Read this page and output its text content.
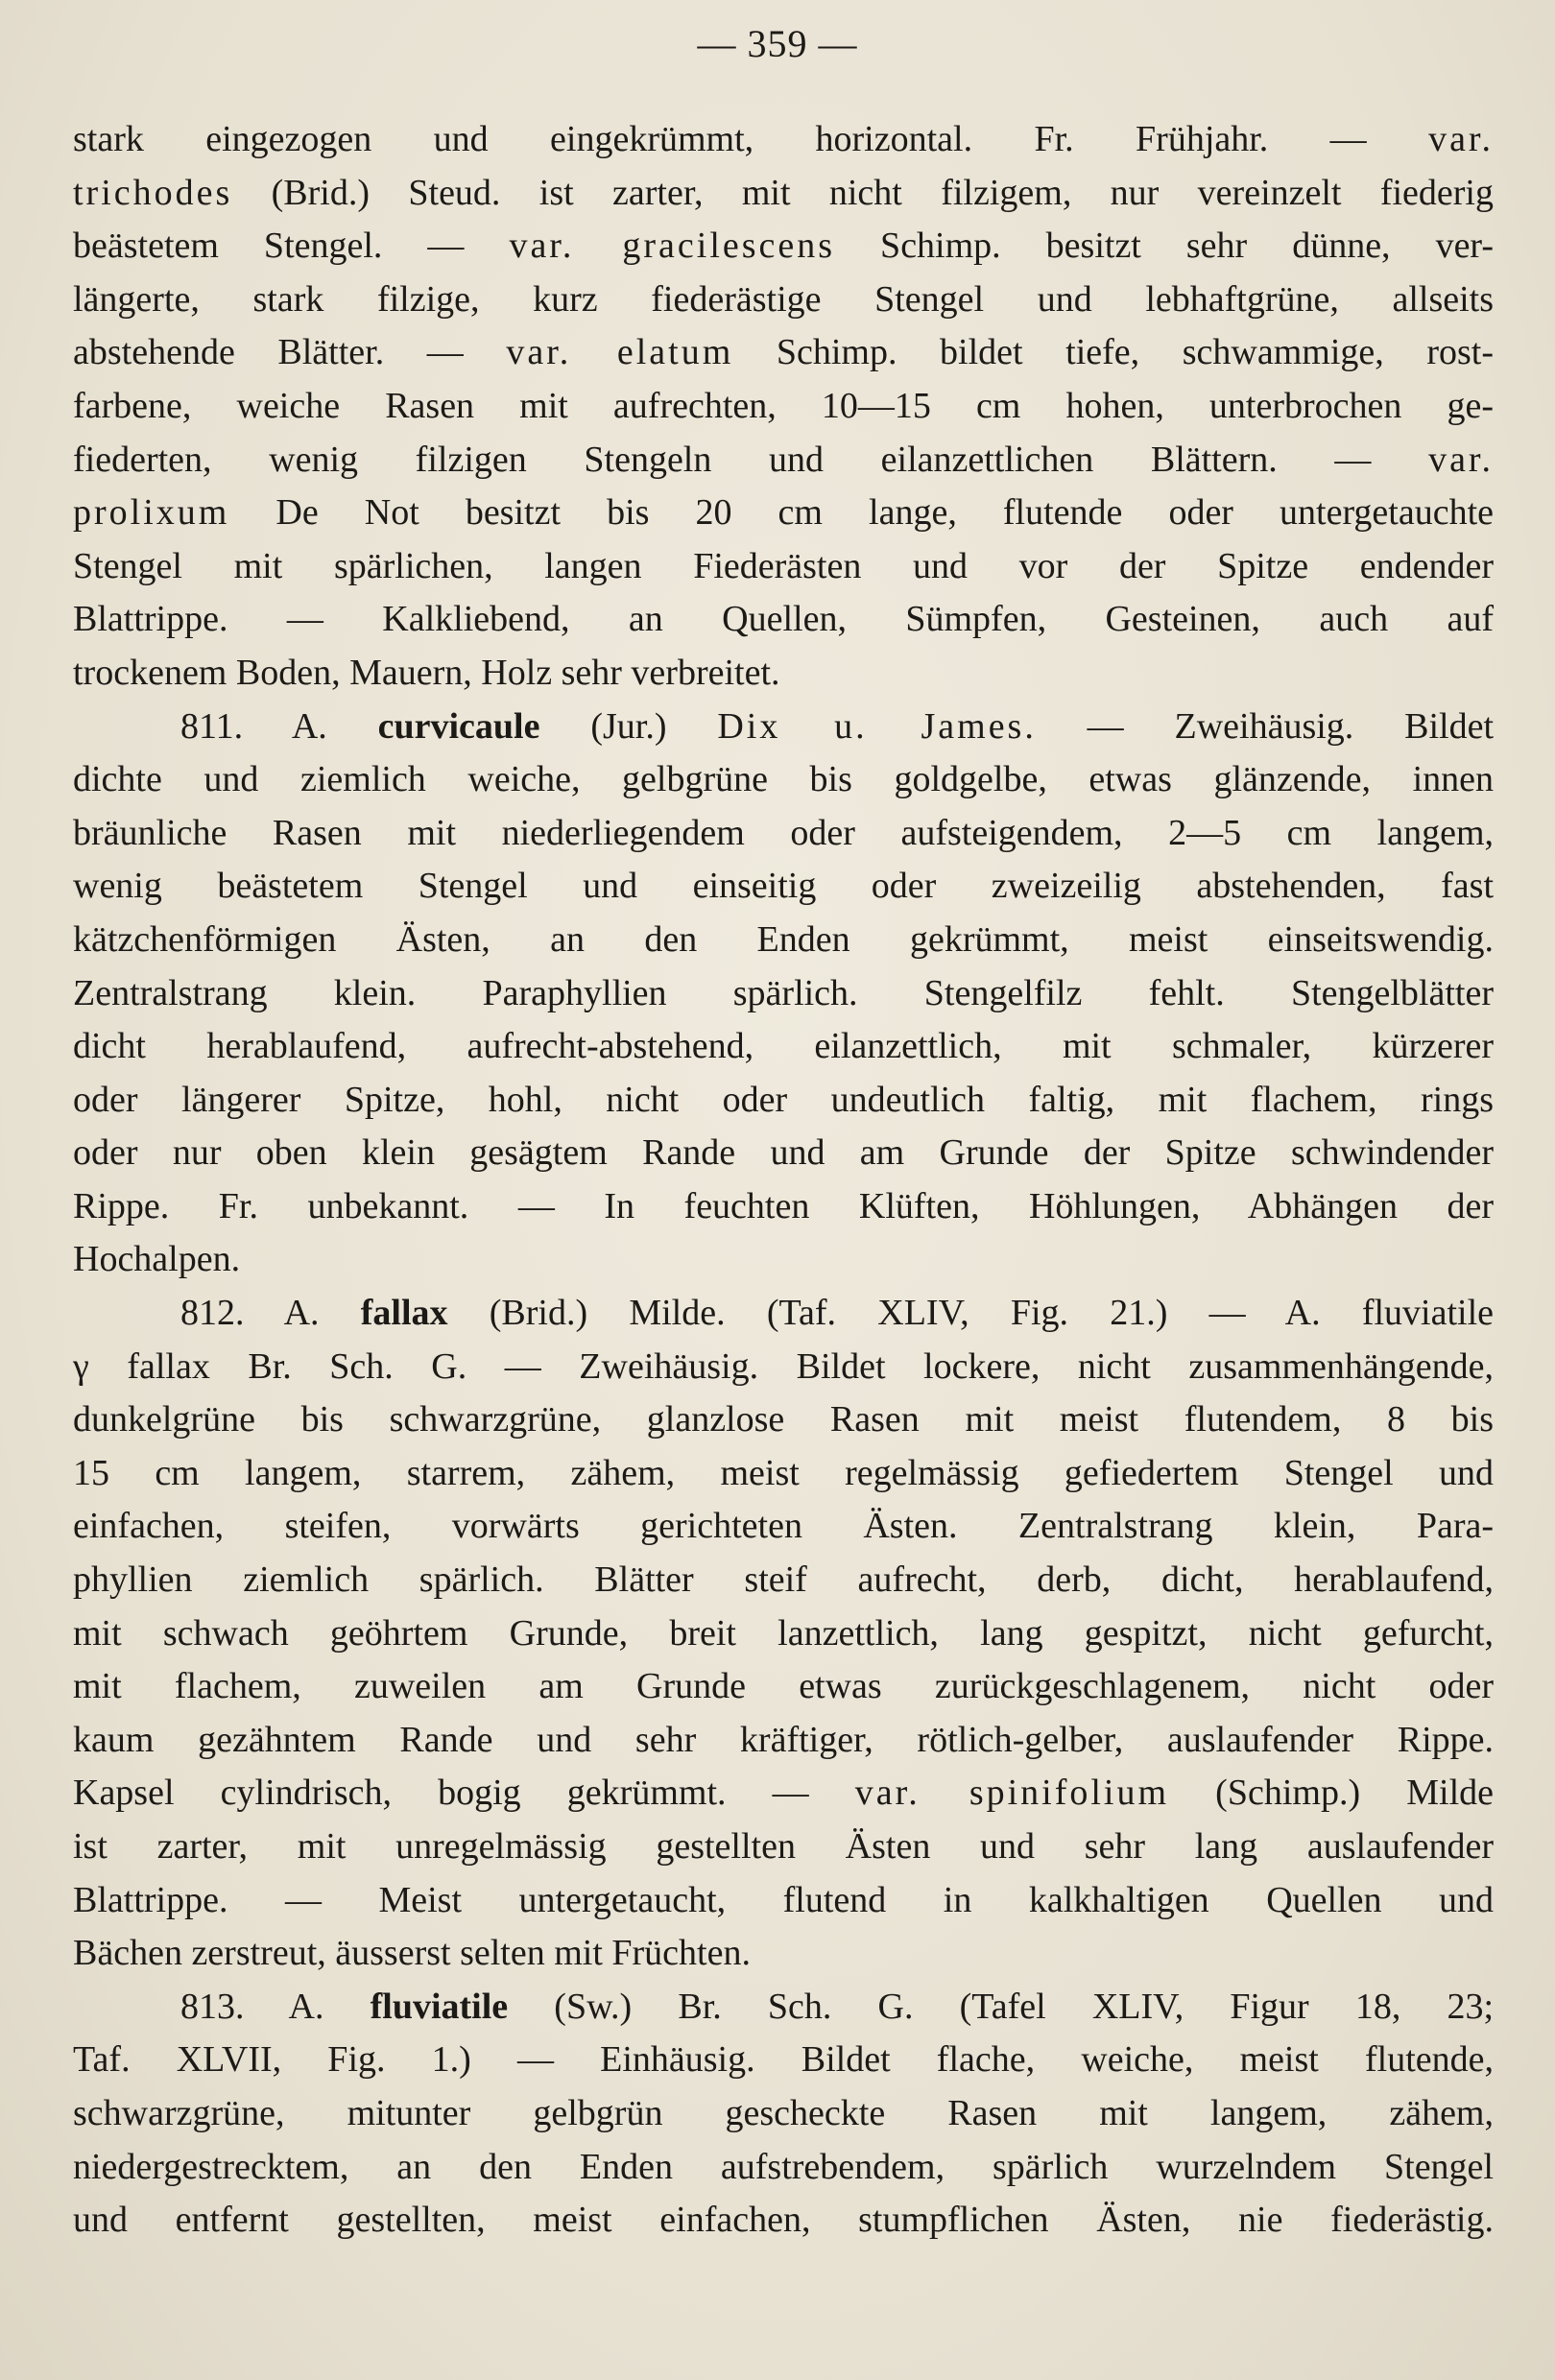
— 359 —
stark eingezogen und eingekrümmt, horizontal. Fr. Frühjahr. — var.
trichodes (Brid.) Steud. ist zarter, mit nicht filzigem, nur vereinzelt fiederig
beästetem Stengel. — var. gracilescens Schimp. besitzt sehr dünne, ver-
längerte, stark filzige, kurz fiederästige Stengel und lebhaftgrüne, allseits
abstehende Blätter. — var. elatum Schimp. bildet tiefe, schwammige, rost-
farbene, weiche Rasen mit aufrechten, 10—15 cm hohen, unterbrochen ge-
fiederten, wenig filzigen Stengeln und eilanzettlichen Blättern. — var.
prolixum De Not besitzt bis 20 cm lange, flutende oder untergetauchte
Stengel mit spärlichen, langen Fiederästen und vor der Spitze endender
Blattrippe. — Kalkliebend, an Quellen, Sümpfen, Gesteinen, auch auf
trockenem Boden, Mauern, Holz sehr verbreitet.
811. A. curvicaule (Jur.) Dix u. James. — Zweihäusig. Bildet
dichte und ziemlich weiche, gelbgrüne bis goldgelbe, etwas glänzende, innen
bräunliche Rasen mit niederliegendem oder aufsteigendem, 2—5 cm langem,
wenig beästetem Stengel und einseitig oder zweizeilig abstehenden, fast
kätzchenförmigen Ästen, an den Enden gekrümmt, meist einseitswendig.
Zentralstrang klein. Paraphyllien spärlich. Stengelfilz fehlt. Stengelblätter
dicht herablaufend, aufrecht-abstehend, eilanzettlich, mit schmaler, kürzerer
oder längerer Spitze, hohl, nicht oder undeutlich faltig, mit flachem, rings
oder nur oben klein gesägtem Rande und am Grunde der Spitze schwindender
Rippe. Fr. unbekannt. — In feuchten Klüften, Höhlungen, Abhängen der
Hochalpen.
812. A. fallax (Brid.) Milde. (Taf. XLIV, Fig. 21.) — A. fluviatile
γ fallax Br. Sch. G. — Zweihäusig. Bildet lockere, nicht zusammenhängende,
dunkelgrüne bis schwarzgrüne, glanzlose Rasen mit meist flutendem, 8 bis
15 cm langem, starrem, zähem, meist regelmässig gefiedertem Stengel und
einfachen, steifen, vorwärts gerichteten Ästen. Zentralstrang klein, Para-
phyllien ziemlich spärlich. Blätter steif aufrecht, derb, dicht, herablaufend,
mit schwach geöhrtem Grunde, breit lanzettlich, lang gespitzt, nicht gefurcht,
mit flachem, zuweilen am Grunde etwas zurückgeschlagenem, nicht oder
kaum gezähntem Rande und sehr kräftiger, rötlich-gelber, auslaufender Rippe.
Kapsel cylindrisch, bogig gekrümmt. — var. spinifolium (Schimp.) Milde
ist zarter, mit unregelmässig gestellten Ästen und sehr lang auslaufender
Blattrippe. — Meist untergetaucht, flutend in kalkhaltigen Quellen und
Bächen zerstreut, äusserst selten mit Früchten.
813. A. fluviatile (Sw.) Br. Sch. G. (Tafel XLIV, Figur 18, 23;
Taf. XLVII, Fig. 1.) — Einhäusig. Bildet flache, weiche, meist flutende,
schwarzgrüne, mitunter gelbgrün gescheckte Rasen mit langem, zähem,
niedergestrecktem, an den Enden aufstrebendem, spärlich wurzelndem Stengel
und entfernt gestellten, meist einfachen, stumpflichen Ästen, nie fiederästig.
